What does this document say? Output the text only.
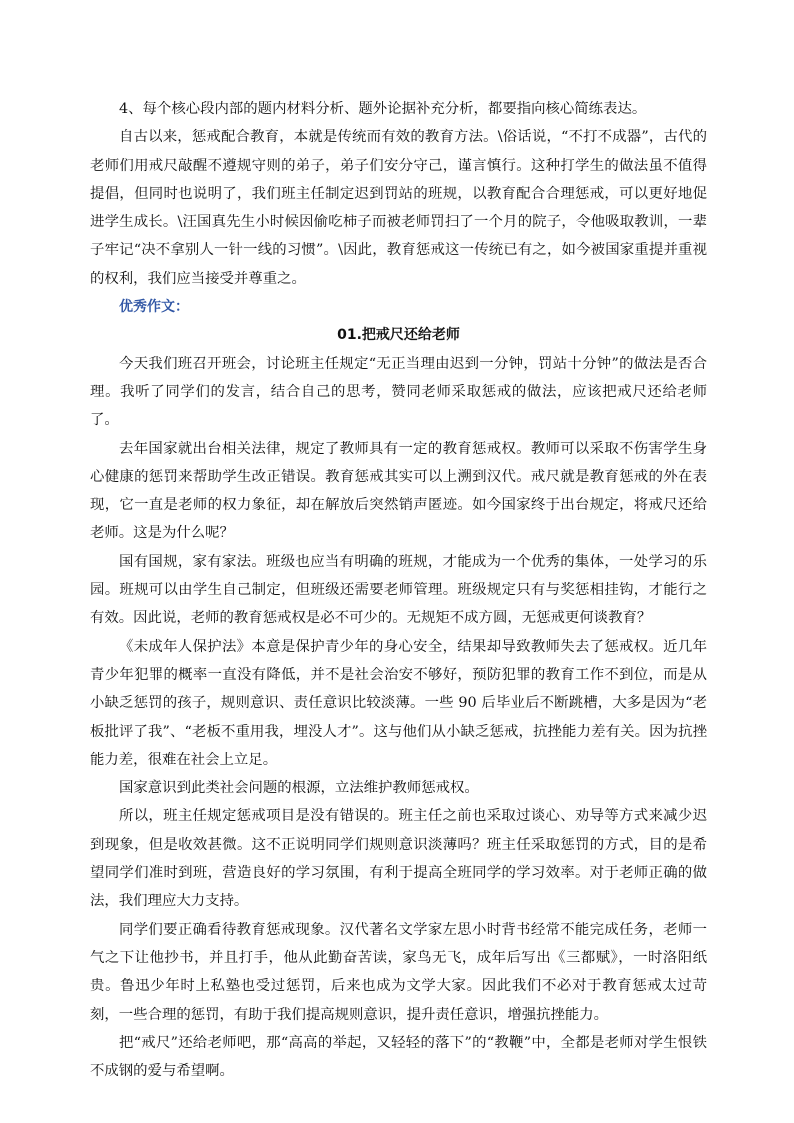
4、每个核心段内部的题内材料分析、题外论据补充分析，都要指向核心简练表达。

自古以来，惩戒配合教育，本就是传统而有效的教育方法。\俗话说，“不打不成器”，古代的老师们用戒尺敲醒不遵规守则的弟子，弟子们安分守己，谨言慎行。这种打学生的做法虽不值得提倡，但同时也说明了，我们班主任制定迟到罚站的班规，以教育配合合理惩戒，可以更好地促进学生成长。\汪国真先生小时候因偷吃柿子而被老师罚扫了一个月的院子，令他吸取教训，一辈子牢记“决不拿别人一针一线的习惯”。\因此，教育惩戒这一传统已有之，如今被国家重提并重视的权利，我们应当接受并尊重之。

优秀作文：

01.把戒尺还给老师

今天我们班召开班会，讨论班主任规定“无正当理由迟到一分钟，罚站十分钟”的做法是否合理。我听了同学们的发言，结合自己的思考，赞同老师采取惩戒的做法，应该把戒尺还给老师了。

去年国家就出台相关法律，规定了教师具有一定的教育惩戒权。教师可以采取不伤害学生身心健康的惩罚来帮助学生改正错误。教育惩戒其实可以上溯到汉代。戒尺就是教育惩戒的外在表现，它一直是老师的权力象征，却在解放后突然销声匿迹。如今国家终于出台规定，将戒尺还给老师。这是为什么呢？

国有国规，家有家法。班级也应当有明确的班规，才能成为一个优秀的集体，一处学习的乐园。班规可以由学生自己制定，但班级还需要老师管理。班级规定只有与奖惩相挂钩，才能行之有效。因此说，老师的教育惩戒权是必不可少的。无规矩不成方圆，无惩戒更何谈教育？

《未成年人保护法》本意是保护青少年的身心安全，结果却导致教师失去了惩戒权。近几年青少年犯罪的概率一直没有降低，并不是社会治安不够好，预防犯罪的教育工作不到位，而是从小缺乏惩罚的孩子，规则意识、责任意识比较淡薄。一些 90 后毕业后不断跳槽，大多是因为“老板批评了我”、“老板不重用我，埋没人才”。这与他们从小缺乏惩戒，抗挫能力差有关。因为抗挫能力差，很难在社会上立足。

国家意识到此类社会问题的根源，立法维护教师惩戒权。

所以，班主任规定惩戒项目是没有错误的。班主任之前也采取过谈心、劝导等方式来减少迟到现象，但是收效甚微。这不正说明同学们规则意识淡薄吗？班主任采取惩罚的方式，目的是希望同学们准时到班，营造良好的学习氛围，有利于提高全班同学的学习效率。对于老师正确的做法，我们理应大力支持。

同学们要正确看待教育惩戒现象。汉代著名文学家左思小时背书经常不能完成任务，老师一气之下让他抄书，并且打手，他从此勤奋苦读，家鸟无飞，成年后写出《三都赋》，一时洛阳纸贵。鲁迅少年时上私塾也受过惩罚，后来也成为文学大家。因此我们不必对于教育惩戒太过苛刻，一些合理的惩罚，有助于我们提高规则意识，提升责任意识，增强抗挫能力。

把“戒尺”还给老师吧，那“高高的举起，又轻轻的落下”的“教鞭”中，全都是老师对学生恨铁不成钢的爱与希望啊。
